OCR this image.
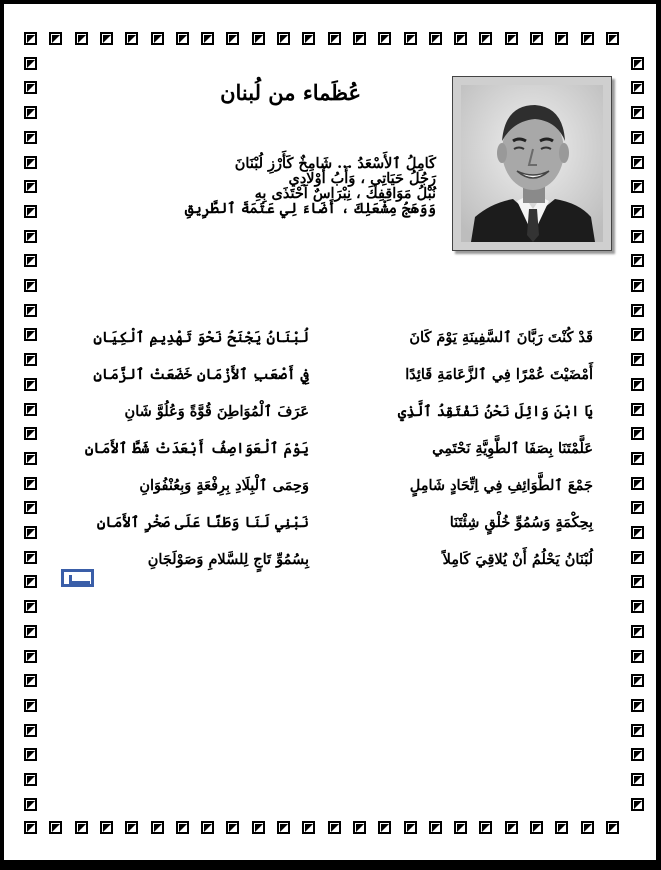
عُظَماء من لُبنان
كَامِلُ ٱلأَسْعَدُ ... شَامِخٌ كَأَرْزِ لُبْنَانَ
رَجُلُ حَيَاتِي ، وَأَبُ أَوْلادِي
نُبْلُ مَوَاقِفِكَ ، نِبْرَاسٌ اَحْتَذَى بِهِ
وَوَهَجُ مِشْعَلِكَ ، أَضَاءَ لِي عَتَمَةَ ٱلطَّرِيقِ
قَدْ كُنْتَ رَبَّانَ ٱلسَّفِينَةِ يَوْمَ كَانَ
أَمْضَيْتَ عُمْرًا فِي ٱلزَّعَامَةِ قَائِدًا
يَا ابْنَ وَائِلَ نَحْنُ نَفْتَقِدُ ٱلَّذِي
عَلَّمْتَنَا بِصَفَا ٱلطَّوِيَّةِ نَحْتَمِي
جَمْعَ ٱلطَّوَائِفِ فِي اِتِّحَادٍ شَامِلٍ
بِحِكْمَةٍ وَسُمُوِّ خُلْقٍ شِئْتَنَا
لُبْنَانُ يَحْلُمُ أَنْ يُلاقِيَ كَامِلاً
لُبْنَانُ يَجْنَحُ نَحْوَ تَهْدِيمِ ٱلْكِيَانِ
فِي أَصْعَبِ ٱلأَزْمَانِ خَضَعَتْ ٱلزَّمَانِ
عَرَفَ ٱلْمُوَاطِنَ قُوَّةً وَعُلُوَّ شَانِ
يَوْمَ ٱلْعَوَاصِفُ أَبْعَدَتْ شَطَّ ٱلأَمَانِ
وَحِمَى ٱلْبِلَادِ بِرِفْعَةٍ وَبِعُنْفُوَانِ
نَبْنِي لَنَا وَطَنًا عَلَى صَخْرِ ٱلأَمَانِ
بِسُمُوِّ تَاجٍ لِلسَّلامِ وَصَوْلَجَانِ
